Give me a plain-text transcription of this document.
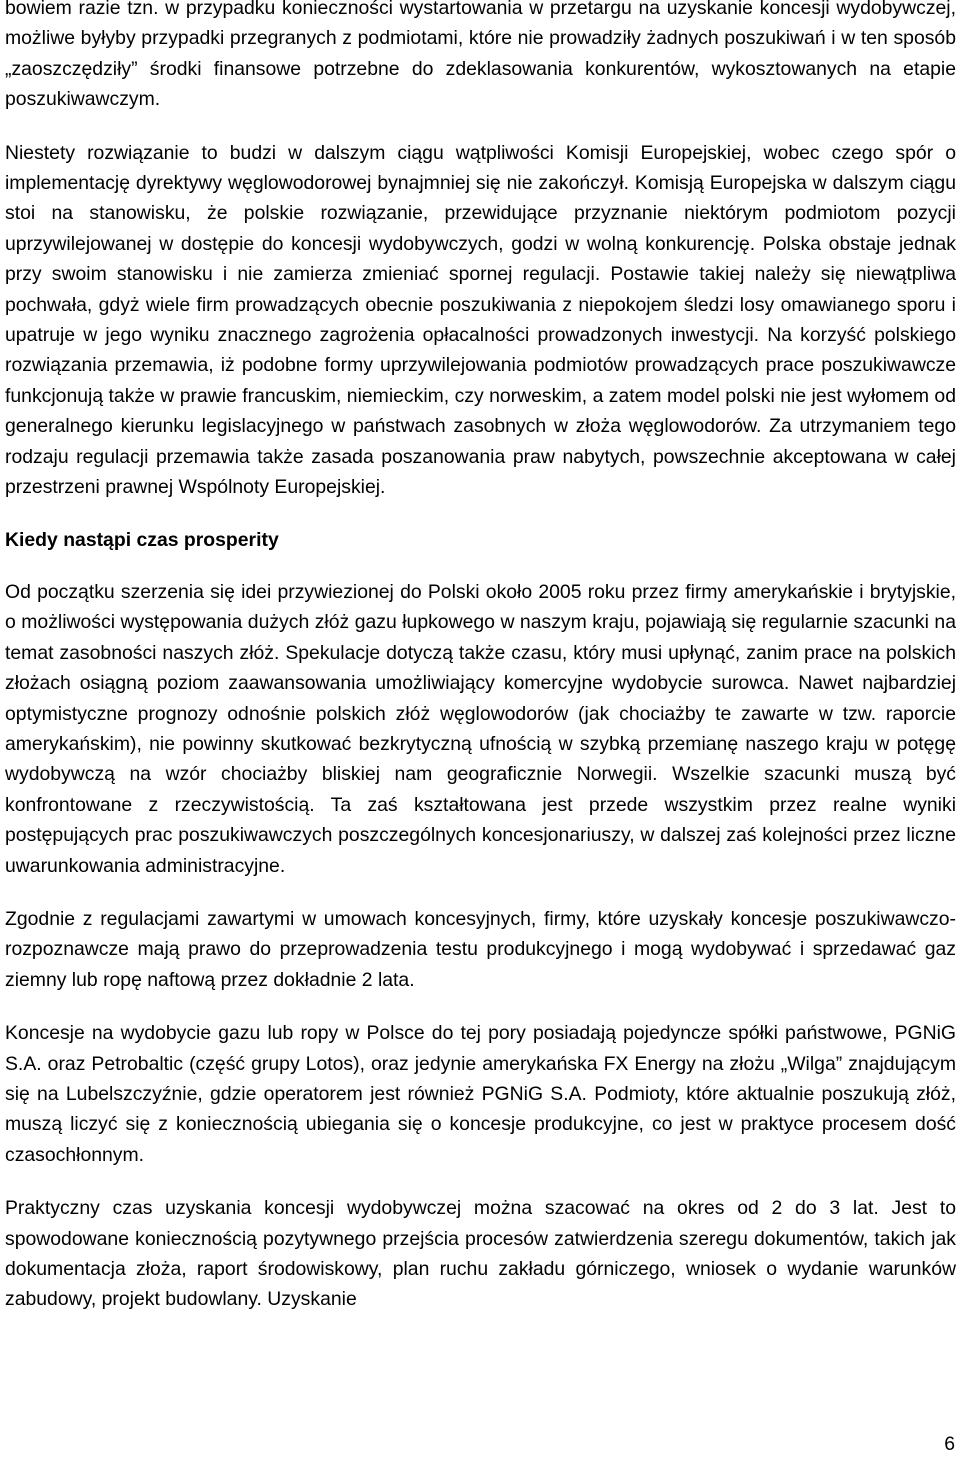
bowiem razie tzn. w przypadku konieczności wystartowania w przetargu na uzyskanie koncesji wydobywczej, możliwe byłyby przypadki przegranych z podmiotami, które nie prowadziły żadnych poszukiwań i w ten sposób „zaoszczędziły” środki finansowe potrzebne do zdeklasowania konkurentów, wykosztowanych na etapie poszukiwawczym.

Niestety rozwiązanie to budzi w dalszym ciągu wątpliwości Komisji Europejskiej, wobec czego spór o implementację dyrektywy węglowodorowej bynajmniej się nie zakończył. Komisją Europejska w dalszym ciągu stoi na stanowisku, że polskie rozwiązanie, przewidujące przyznanie niektórym podmiotom pozycji uprzywilejowanej w dostępie do koncesji wydobywczych, godzi w wolną konkurencję. Polska obstaje jednak przy swoim stanowisku i nie zamierza zmieniać spornej regulacji. Postawie takiej należy się niewątpliwa pochwała, gdyż wiele firm prowadzących obecnie poszukiwania z niepokojem śledzi losy omawianego sporu i upatruje w jego wyniku znacznego zagrożenia opłacalności prowadzonych inwestycji. Na korzyść polskiego rozwiązania przemawia, iż podobne formy uprzywilejowania podmiotów prowadzących prace poszukiwawcze funkcjonują także w prawie francuskim, niemieckim, czy norweskim, a zatem model polski nie jest wyłomem od generalnego kierunku legislacyjnego w państwach zasobnych w złoża węglowodorów. Za utrzymaniem tego rodzaju regulacji przemawia także zasada poszanowania praw nabytych, powszechnie akceptowana w całej przestrzeni prawnej Wspólnoty Europejskiej.

Kiedy nastąpi czas prosperity

Od początku szerzenia się idei przywiezionej do Polski około 2005 roku przez firmy amerykańskie i brytyjskie, o możliwości występowania dużych złóż gazu łupkowego w naszym kraju, pojawiają się regularnie szacunki na temat zasobności naszych złóż. Spekulacje dotyczą także czasu, który musi upłynąć, zanim prace na polskich złożach osiągną poziom zaawansowania umożliwiający komercyjne wydobycie surowca. Nawet najbardziej optymistyczne prognozy odnośnie polskich złóż węglowodorów (jak chociażby te zawarte w tzw. raporcie amerykańskim), nie powinny skutkować bezkrytyczną ufnością w szybką przemianę naszego kraju w potęgę wydobywczą na wzór chociażby bliskiej nam geograficznie Norwegii. Wszelkie szacunki muszą być konfrontowane z rzeczywistością. Ta zaś kształtowana jest przede wszystkim przez realne wyniki postępujących prac poszukiwawczych poszczególnych koncesjonariuszy, w dalszej zaś kolejności przez liczne uwarunkowania administracyjne.

Zgodnie z regulacjami zawartymi w umowach koncesyjnych, firmy, które uzyskały koncesje poszukiwawczo-rozpoznawcze mają prawo do przeprowadzenia testu produkcyjnego i mogą wydobywać i sprzedawać gaz ziemny lub ropę naftową przez dokładnie 2 lata.

Koncesje na wydobycie gazu lub ropy w Polsce do tej pory posiadają pojedyncze spółki państwowe, PGNiG S.A. oraz Petrobaltic (część grupy Lotos), oraz jedynie amerykańska FX Energy na złożu „Wilga” znajdującym się na Lubelszczyźnie, gdzie operatorem jest również PGNiG S.A. Podmioty, które aktualnie poszukują złóż, muszą liczyć się z koniecznością ubiegania się o koncesje produkcyjne, co jest w praktyce procesem dość czasochłonnym.

Praktyczny czas uzyskania koncesji wydobywczej można szacować na okres od 2 do 3 lat. Jest to spowodowane koniecznością pozytywnego przejścia procesów zatwierdzenia szeregu dokumentów, takich jak dokumentacja złoża, raport środowiskowy, plan ruchu zakładu górniczego, wniosek o wydanie warunków zabudowy, projekt budowlany. Uzyskanie

6
